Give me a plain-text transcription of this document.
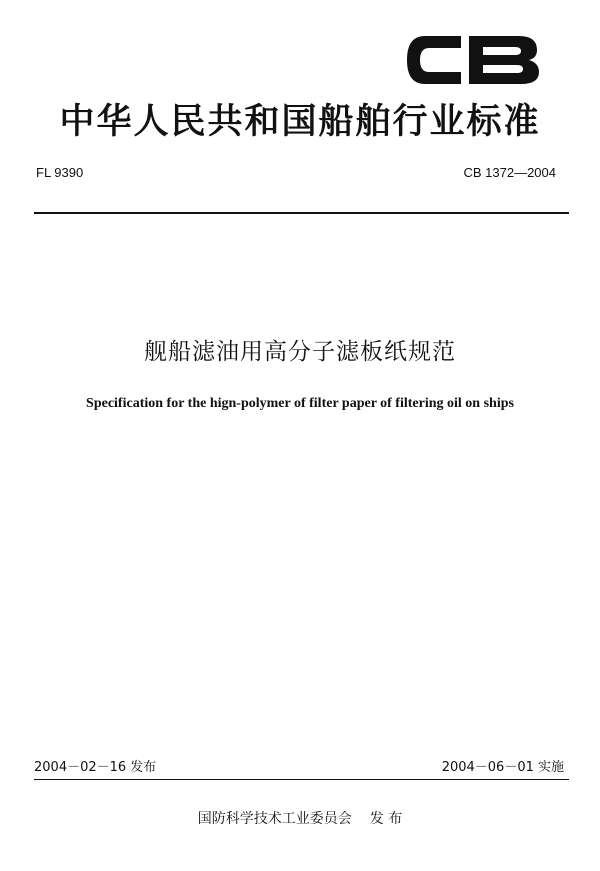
中华人民共和国船舶行业标准
FL 9390	CB 1372—2004
舰船滤油用高分子滤板纸规范
Specification for the hign-polymer of filter paper of filtering oil on ships
2004－02－16 发布	2004－06－01 实施
国防科学技术工业委员会 发 布
